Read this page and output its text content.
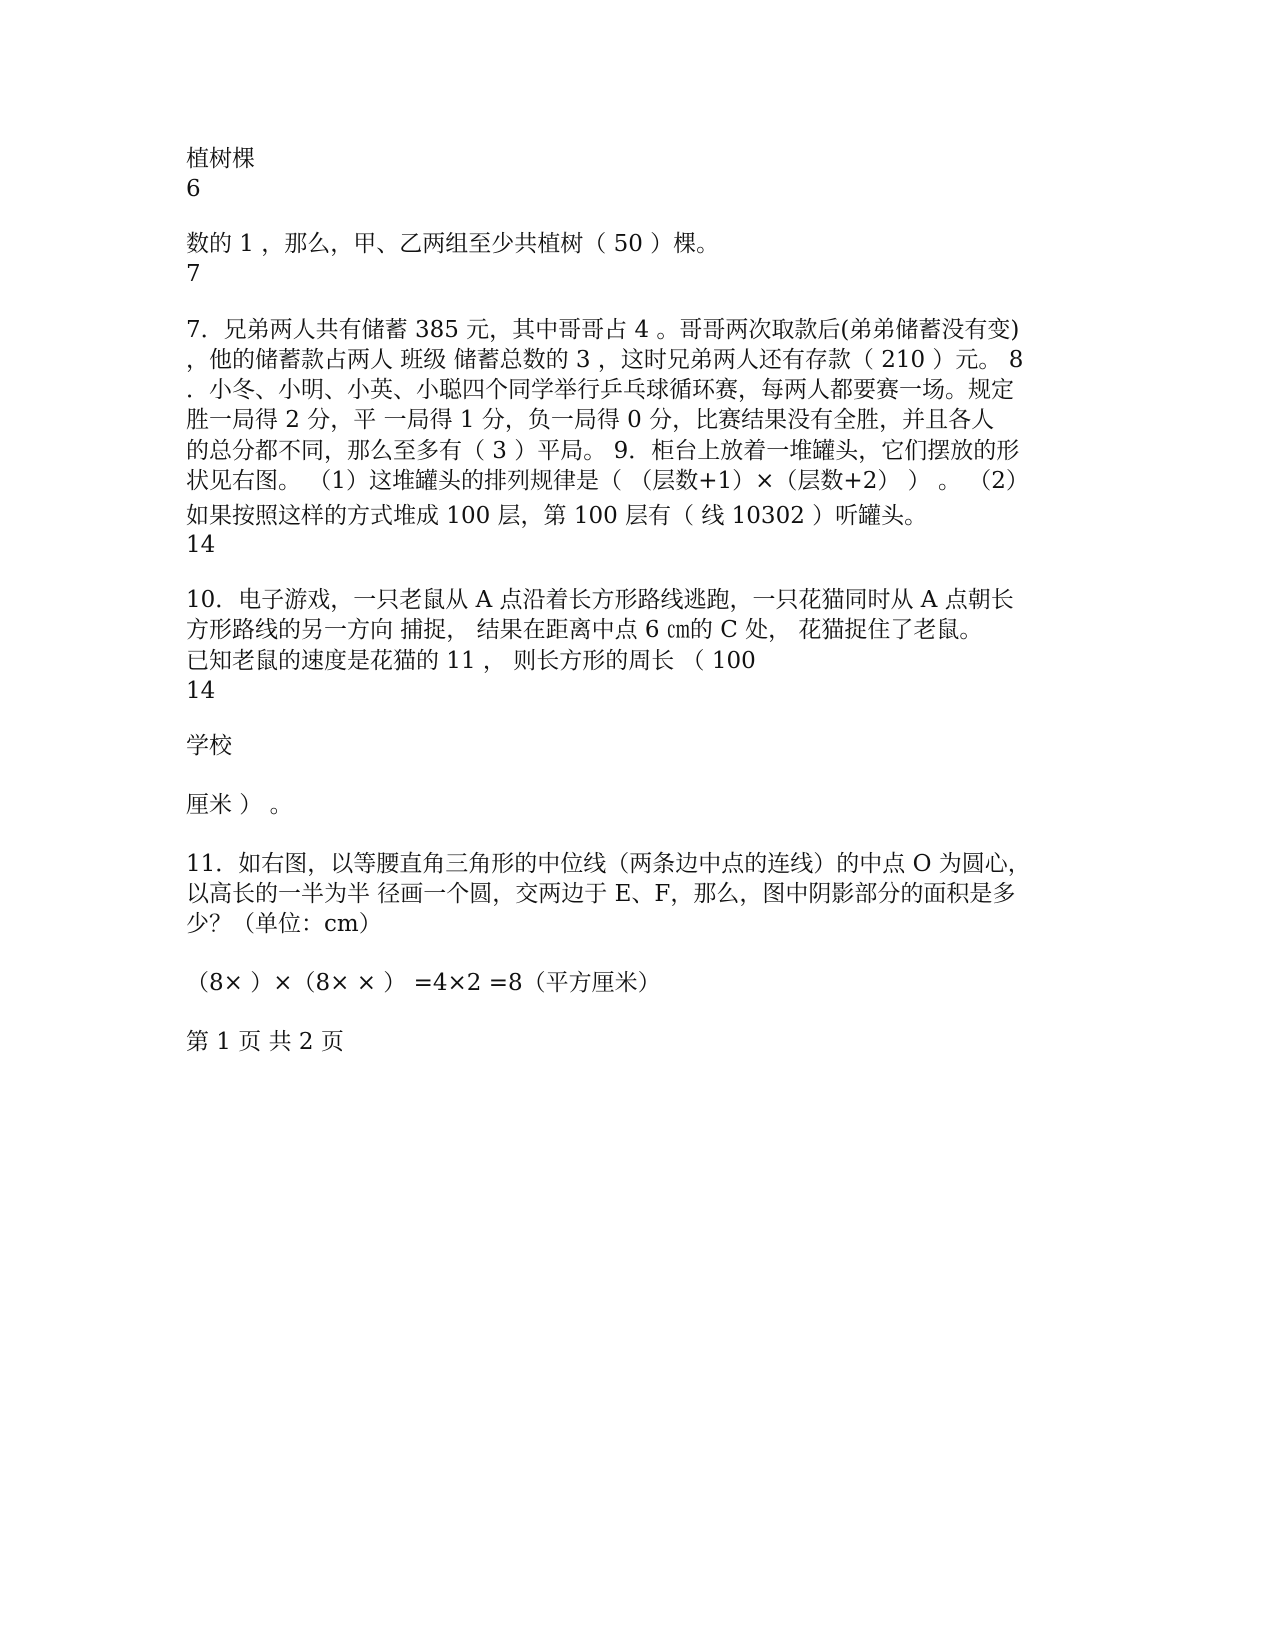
植树棵

6

数的 1 ，那么，甲、乙两组至少共植树（ 50 ）棵。

7

7．兄弟两人共有储蓄 385 元，其中哥哥占 4 。哥哥两次取款后(弟弟储蓄没有变)

，他的储蓄款占两人 班级 储蓄总数的 3 ，这时兄弟两人还有存款（ 210 ）元。 8

．小冬、小明、小英、小聪四个同学举行乒乓球循环赛，每两人都要赛一场。规定

胜一局得 2 分，平 一局得 1 分，负一局得 0 分，比赛结果没有全胜，并且各人

的总分都不同，那么至多有（ 3 ）平局。 9．柜台上放着一堆罐头，它们摆放的形

状见右图。 （1）这堆罐头的排列规律是（ （层数+1）×（层数+2） ） 。 （2）

如果按照这样的方式堆成 100 层，第 100 层有（ 线 10302 ）听罐头。

14

10．电子游戏，一只老鼠从 A 点沿着长方形路线逃跑，一只花猫同时从 A 点朝长

方形路线的另一方向 捕捉， 结果在距离中点 6 ㎝的 C 处， 花猫捉住了老鼠。

已知老鼠的速度是花猫的 11 ， 则长方形的周长 （ 100

14

学校

厘米 ） 。

11．如右图，以等腰直角三角形的中位线（两条边中点的连线）的中点 O 为圆心，

以高长的一半为半 径画一个圆，交两边于 E、F，那么，图中阴影部分的面积是多

少？（单位：cm）

（8× ）×（8× × ） =4×2 =8（平方厘米）

第 1 页 共 2 页
